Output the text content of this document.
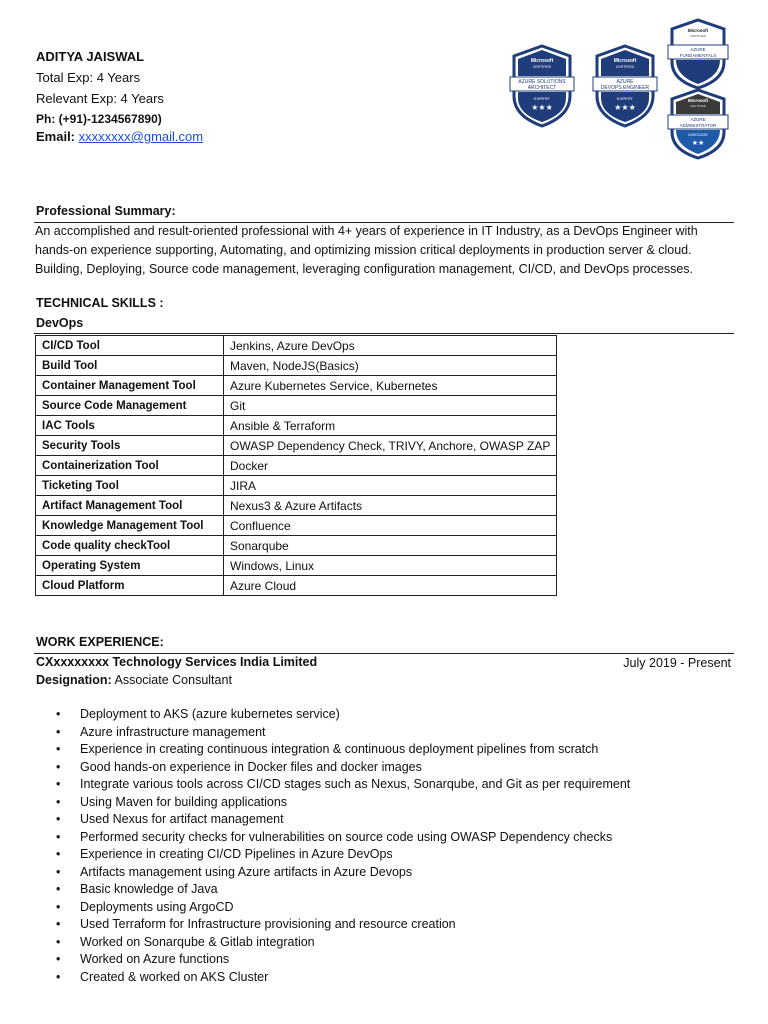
ADITYA JAISWAL
Total Exp: 4 Years
Relevant Exp: 4 Years
Ph: (+91)-1234567890)
Email: xxxxxxxx@gmail.com
Microsoft
CERTIFIED
AZURE SOLUTIONS
ARCHITECT
EXPERT
★★★
Microsoft
CERTIFIED
AZURE
DEVOPS ENGINEER
EXPERT
★★★
Microsoft
CERTIFIED
AZURE
FUNDAMENTALS
Microsoft
CERTIFIED
AZURE
ADMINISTRATOR
ASSOCIATE
★★
Professional Summary:
An accomplished and result-oriented professional with 4+ years of experience in IT Industry, as a DevOps Engineer with
hands-on experience supporting, Automating, and optimizing mission critical deployments in production server & cloud.
Building, Deploying, Source code management, leveraging configuration management, CI/CD, and DevOps processes.
TECHNICAL SKILLS :
DevOps
CI/CD Tool	Jenkins, Azure DevOps
Build Tool	Maven, NodeJS(Basics)
Container Management Tool	Azure Kubernetes Service, Kubernetes
Source Code Management	Git
IAC Tools	Ansible & Terraform
Security Tools	OWASP Dependency Check, TRIVY, Anchore, OWASP ZAP
Containerization Tool	Docker
Ticketing Tool	JIRA
Artifact Management Tool	Nexus3 & Azure Artifacts
Knowledge Management Tool	Confluence
Code quality checkTool	Sonarqube
Operating System	Windows, Linux
Cloud Platform	Azure Cloud
WORK EXPERIENCE:
CXxxxxxxxx Technology Services India Limited	July 2019 - Present
Designation: Associate Consultant
• Deployment to AKS (azure kubernetes service)
• Azure infrastructure management
• Experience in creating continuous integration & continuous deployment pipelines from scratch
• Good hands-on experience in Docker files and docker images
• Integrate various tools across CI/CD stages such as Nexus, Sonarqube, and Git as per requirement
• Using Maven for building applications
• Used Nexus for artifact management
• Performed security checks for vulnerabilities on source code using OWASP Dependency checks
• Experience in creating CI/CD Pipelines in Azure DevOps
• Artifacts management using Azure artifacts in Azure Devops
• Basic knowledge of Java
• Deployments using ArgoCD
• Used Terraform for Infrastructure provisioning and resource creation
• Worked on Sonarqube & Gitlab integration
• Worked on Azure functions
• Created & worked on AKS Cluster
